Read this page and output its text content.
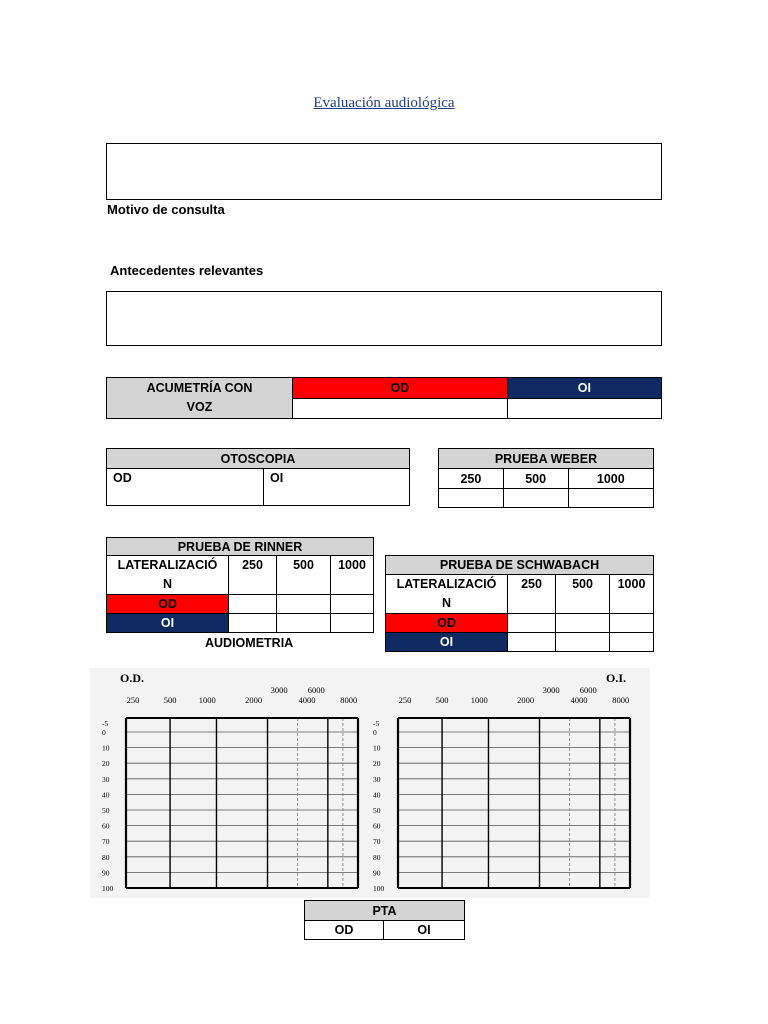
Evaluación audiológica
Motivo de consulta
Antecedentes relevantes
ACUMETRÍA CON
VOZ	OD	OI

OTOSCOPIA
OD	OI
PRUEBA WEBER		
250	500	1000

PRUEBA DE RINNER			
LATERALIZACIÓ
N	250	500	1000
OD			
OI			
AUDIOMETRIA
PRUEBA DE SCHWABACH			
LATERALIZACIÓ
N	250	500	1000
OD			
OI			
O.D.
250	500	1000	2000	4000	8000
3000 6000
-5
0
10
20
30
40
50
60
70
80
90
100
O.I.
250	500	1000	2000	4000	8000
3000 6000
-5
0
10
20
30
40
50
60
70
80
90
100
PTA
OD	OI
